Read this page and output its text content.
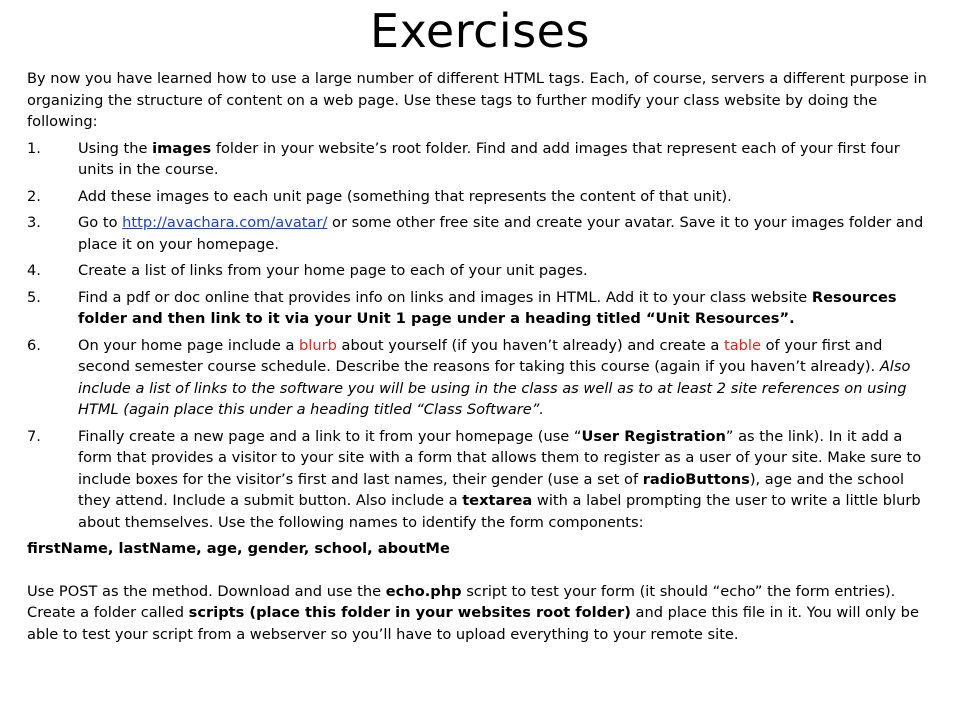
Exercises

By now you have learned how to use a large number of different HTML tags. Each, of course, servers a different purpose in organizing the structure of content on a web page. Use these tags to further modify your class website by doing the following:

1.	Using the images folder in your website’s root folder. Find and add images that represent each of your first four units in the course.
2.	Add these images to each unit page (something that represents the content of that unit).
3.	Go to http://avachara.com/avatar/ or some other free site and create your avatar. Save it to your images folder and place it on your homepage.
4.	Create a list of links from your home page to each of your unit pages.
5.	Find a pdf or doc online that provides info on links and images in HTML. Add it to your class website Resources folder and then link to it via your Unit 1 page under a heading titled “Unit Resources”.
6.	On your home page include a blurb about yourself (if you haven’t already) and create a table of your first and second semester course schedule. Describe the reasons for taking this course (again if you haven’t already). Also include a list of links to the software you will be using in the class as well as to at least 2 site references on using HTML (again place this under a heading titled “Class Software”.
7.	Finally create a new page and a link to it from your homepage (use “User Registration” as the link). In it add a form that provides a visitor to your site with a form that allows them to register as a user of your site. Make sure to include boxes for the visitor’s first and last names, their gender (use a set of radioButtons), age and the school they attend. Include a submit button. Also include a textarea with a label prompting the user to write a little blurb about themselves. Use the following names to identify the form components:

firstName, lastName, age, gender, school, aboutMe

Use POST as the method. Download and use the echo.php script to test your form (it should “echo” the form entries). Create a folder called scripts (place this folder in your websites root folder) and place this file in it. You will only be able to test your script from a webserver so you’ll have to upload everything to your remote site.
